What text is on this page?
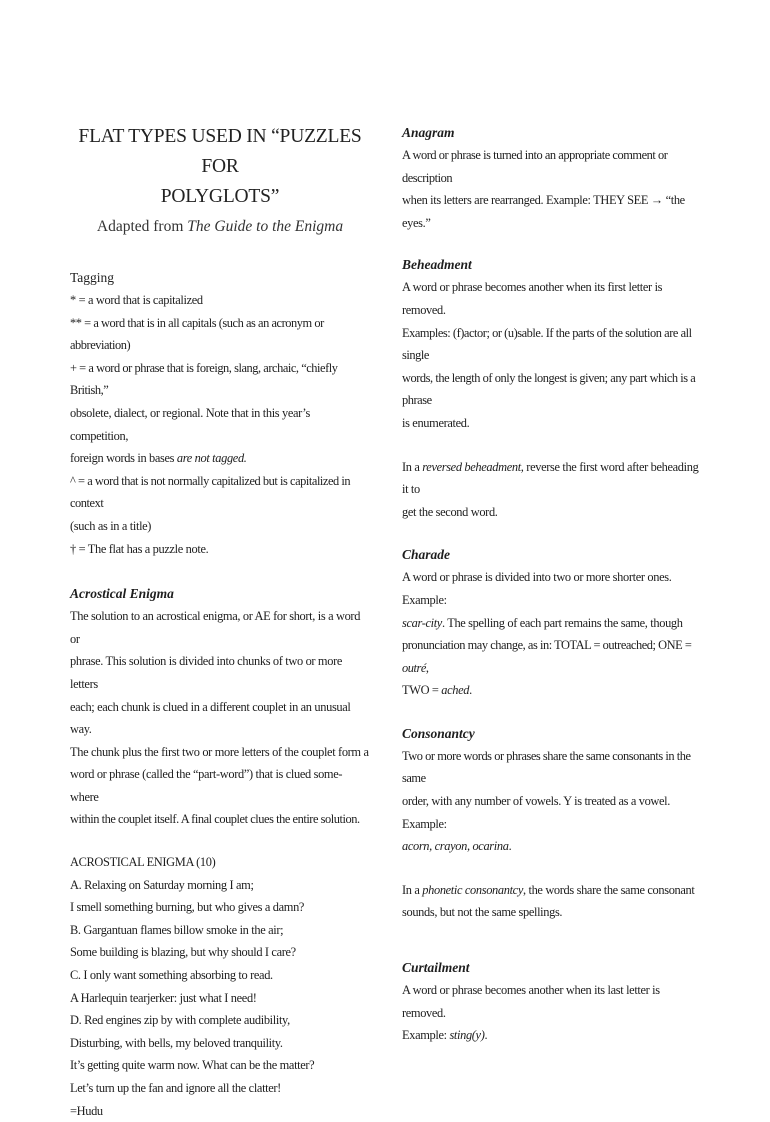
FLAT TYPES USED IN “PUZZLES FOR
POLYGLOTS”
Adapted from The Guide to the Enigma
Tagging
* = a word that is capitalized
** = a word that is in all capitals (such as an acronym or abbreviation)
+ = a word or phrase that is foreign, slang, archaic, “chiefly British,”
obsolete, dialect, or regional. Note that in this year’s competition,
foreign words in bases are not tagged.
^ = a word that is not normally capitalized but is capitalized in context
(such as in a title)
† = The flat has a puzzle note.
Acrostical Enigma
The solution to an acrostical enigma, or AE for short, is a word or
phrase. This solution is divided into chunks of two or more letters
each; each chunk is clued in a different couplet in an unusual way.
The chunk plus the first two or more letters of the couplet form a
word or phrase (called the “part-word”) that is clued some-where
within the couplet itself. A final couplet clues the entire solution.
ACROSTICAL ENIGMA (10)
A. Relaxing on Saturday morning I am;
I smell something burning, but who gives a damn?
B. Gargantuan flames billow smoke in the air;
Some building is blazing, but why should I care?
C. I only want something absorbing to read.
A Harlequin tearjerker: just what I need!
D. Red engines zip by with complete audibility,
Disturbing, with bells, my beloved tranquility.
It’s getting quite warm now. What can be the matter?
Let’s turn up the fan and ignore all the clatter!
=Hudu
Anagram
A word or phrase is turned into an appropriate comment or description
when its letters are rearranged. Example: THEY SEE → “the eyes.”
Beheadment
A word or phrase becomes another when its first letter is removed.
Examples: (f)actor; or (u)sable. If the parts of the solution are all single
words, the length of only the longest is given; any part which is a phrase
is enumerated.
In a reversed beheadment, reverse the first word after beheading it to
get the second word.
Charade
A word or phrase is divided into two or more shorter ones. Example:
scar-city. The spelling of each part remains the same, though
pronunciation may change, as in: TOTAL = outreached; ONE = outré,
TWO = ached.
Consonantcy
Two or more words or phrases share the same consonants in the same
order, with any number of vowels. Y is treated as a vowel. Example:
acorn, crayon, ocarina.
In a phonetic consonantcy, the words share the same consonant
sounds, but not the same spellings.
Curtailment
A word or phrase becomes another when its last letter is removed.
Example: sting(y).
